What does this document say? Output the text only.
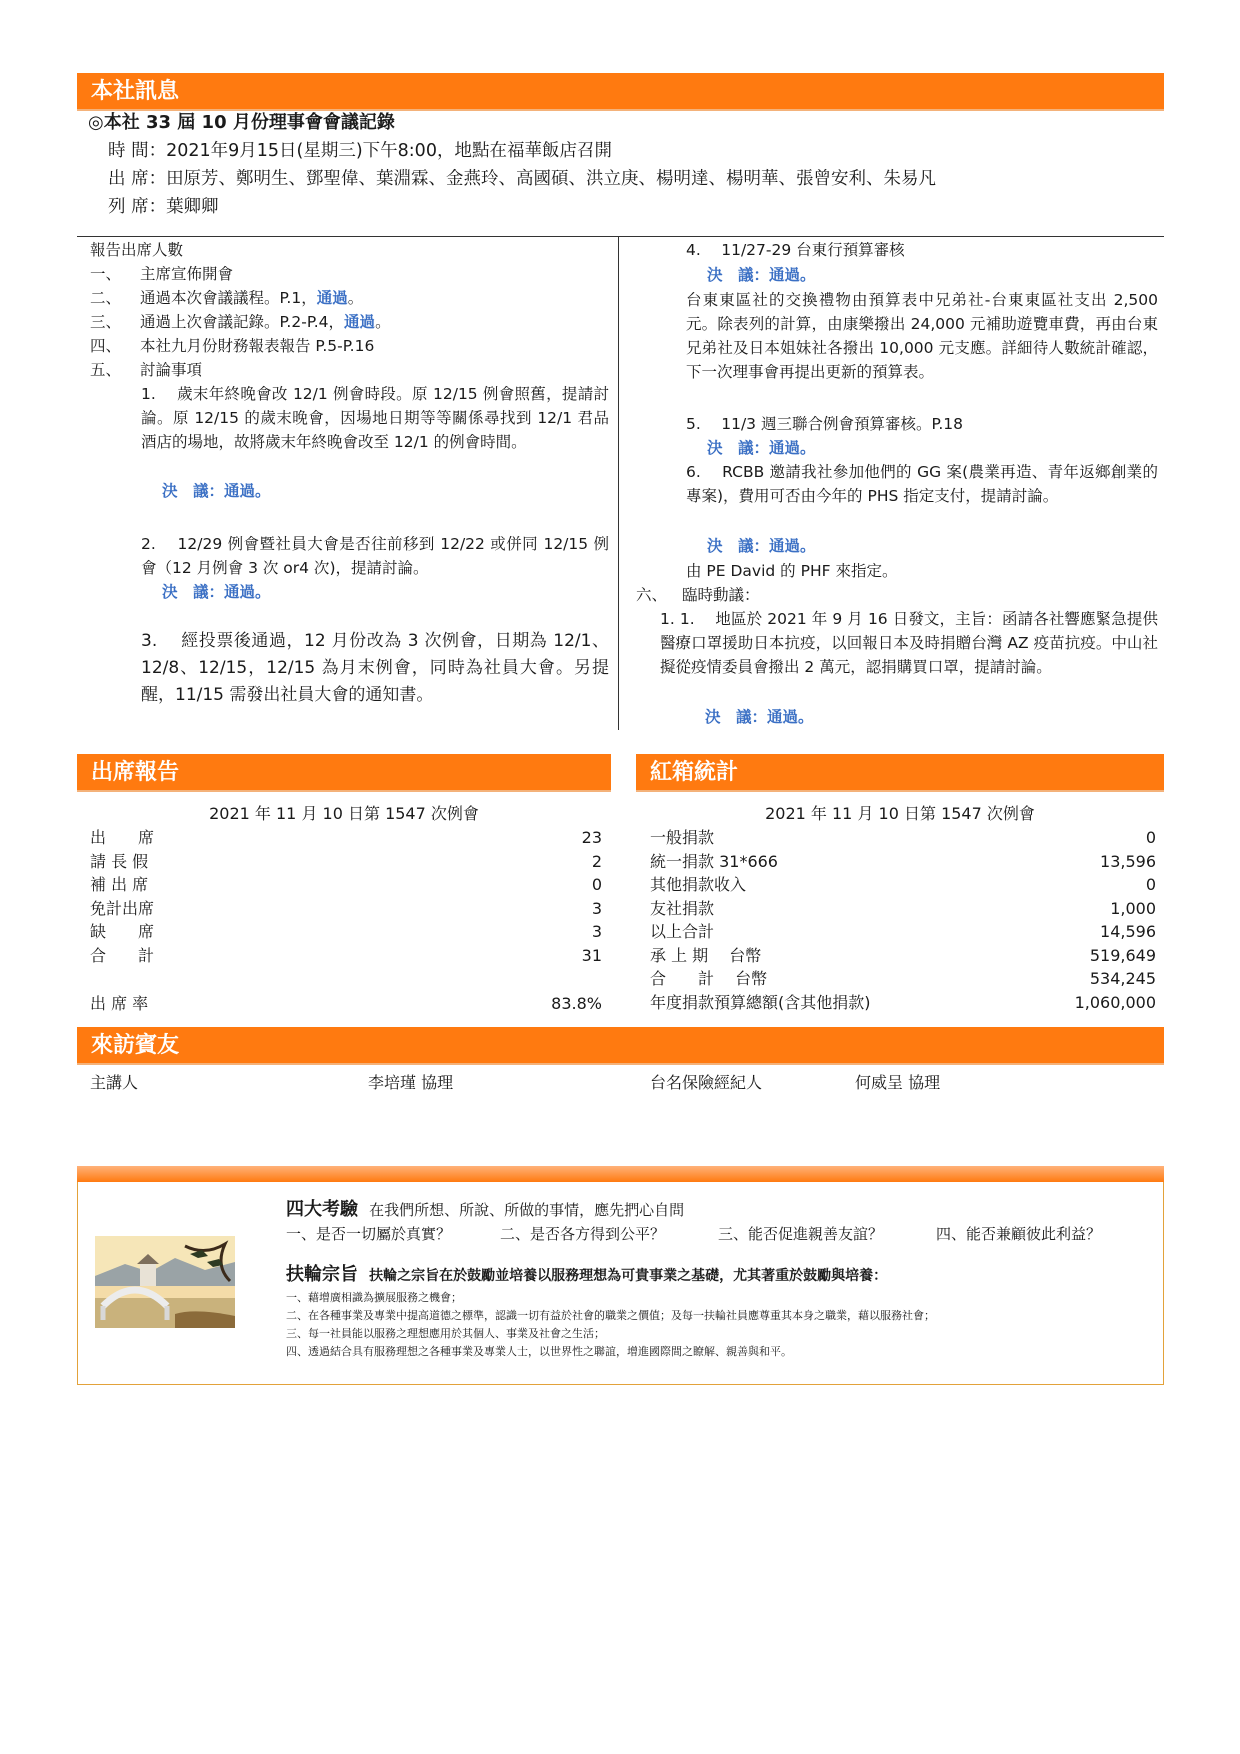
本社訊息
◎本社 33 屆 10 月份理事會會議記錄
時 間：2021年9月15日(星期三)下午8:00，地點在福華飯店召開
出 席：田原芳、鄭明生、鄧聖偉、葉淵霖、金燕玲、高國碩、洪立庚、楊明達、楊明華、張曾安利、朱易凡
列 席：葉卿卿
報告出席人數
一、 主席宣佈開會
二、 通過本次會議議程。P.1，通過。
三、 通過上次會議記錄。P.2-P.4，通過。
四、 本社九月份財務報表報告 P.5-P.16
五、 討論事項
1.　 歲末年終晚會改 12/1 例會時段。原 12/15 例會照舊，提請討論。原 12/15 的歲末晚會，因場地日期等等關係尋找到 12/1 君品酒店的場地，故將歲末年終晚會改至 12/1 的例會時間。
決　議：通過。
2.　 12/29 例會暨社員大會是否往前移到 12/22 或併同 12/15 例會（12 月例會 3 次 or4 次)，提請討論。
決　議：通過。
3.　 經投票後通過，12 月份改為 3 次例會，日期為 12/1、12/8、12/15，12/15 為月末例會，同時為社員大會。另提醒，11/15 需發出社員大會的通知書。
4.　 11/27-29 台東行預算審核
決　議：通過。
台東東區社的交換禮物由預算表中兄弟社-台東東區社支出 2,500 元。除表列的計算，由康樂撥出 24,000 元補助遊覽車費，再由台東兄弟社及日本姐妹社各撥出 10,000 元支應。詳細待人數統計確認，下一次理事會再提出更新的預算表。
5.　 11/3 週三聯合例會預算審核。P.18
決　議：通過。
6.　 RCBB 邀請我社參加他們的 GG 案(農業再造、青年返鄉創業的專案)，費用可否由今年的 PHS 指定支付，提請討論。
決　議：通過。
由 PE David 的 PHF 來指定。
六、 臨時動議：
1. 1.　 地區於 2021 年 9 月 16 日發文，主旨：函請各社響應緊急提供醫療口罩援助日本抗疫，以回報日本及時捐贈台灣 AZ 疫苗抗疫。中山社擬從疫情委員會撥出 2 萬元，認捐購買口罩，提請討論。
決　議：通過。
出席報告
2021 年 11 月 10 日第 1547 次例會
出　　席	23
請 長 假	2
補 出 席	0
免計出席	3
缺　　席	3
合　　計	31
出 席 率	83.8%
紅箱統計
2021 年 11 月 10 日第 1547 次例會
一般捐款	0
統一捐款 31*666	13,596
其他捐款收入	0
友社捐款	1,000
以上合計	14,596
承 上 期　 台幣	519,649
合　　計　 台幣	534,245
年度捐款預算總額(含其他捐款)	1,060,000
來訪賓友
主講人	李培瑾 協理	台名保險經紀人	何威呈 協理
四大考驗 在我們所想、所說、所做的事情，應先捫心自問
一、是否一切屬於真實？	二、是否各方得到公平？	三、能否促進親善友誼？	四、能否兼顧彼此利益？
扶輪宗旨 扶輪之宗旨在於鼓勵並培養以服務理想為可貴事業之基礎，尤其著重於鼓勵與培養：
一、藉增廣相識為擴展服務之機會；
二、在各種事業及專業中提高道德之標準，認識一切有益於社會的職業之價值；及每一扶輪社員應尊重其本身之職業，藉以服務社會；
三、每一社員能以服務之理想應用於其個人、事業及社會之生活；
四、透過結合具有服務理想之各種事業及專業人士，以世界性之聯誼，增進國際間之瞭解、親善與和平。
